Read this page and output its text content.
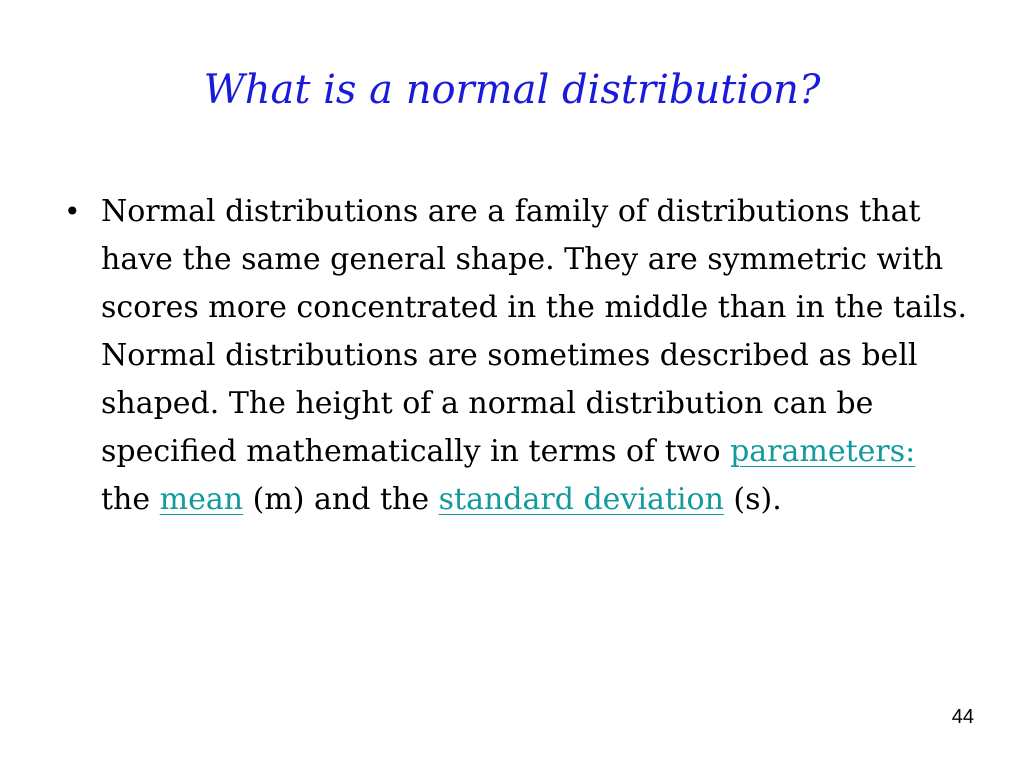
What is a normal distribution?
• Normal distributions are a family of distributions that have the same general shape. They are symmetric with scores more concentrated in the middle than in the tails. Normal distributions are sometimes described as bell shaped. The height of a normal distribution can be specified mathematically in terms of two parameters: the mean (m) and the standard deviation (s).
44
